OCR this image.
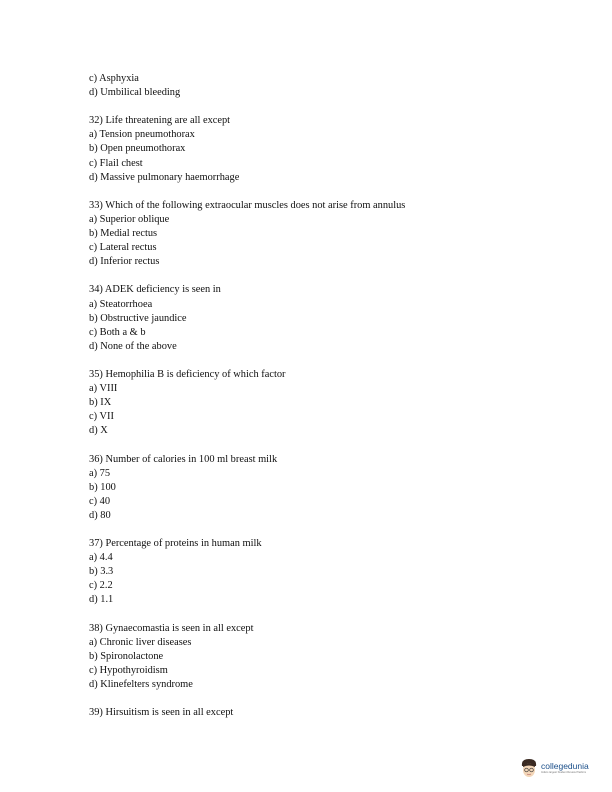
c) Asphyxia
d) Umbilical bleeding
32) Life threatening are all except
a) Tension pneumothorax
b) Open pneumothorax
c) Flail chest
d) Massive pulmonary haemorrhage
33) Which of the following extraocular muscles does not arise from annulus
a) Superior oblique
b) Medial rectus
c) Lateral rectus
d) Inferior rectus
34) ADEK deficiency is seen in
a) Steatorrhoea
b) Obstructive jaundice
c) Both a & b
d) None of the above
35) Hemophilia B is deficiency of which factor
a) VIII
b) IX
c) VII
d) X
36) Number of calories in 100 ml breast milk
a) 75
b) 100
c) 40
d) 80
37) Percentage of proteins in human milk
a) 4.4
b) 3.3
c) 2.2
d) 1.1
38) Gynaecomastia is seen in all except
a) Chronic liver diseases
b) Spironolactone
c) Hypothyroidism
d) Klinefelters syndrome
39) Hirsuitism is seen in all except
collegedunia
India's largest Student Review Platform
